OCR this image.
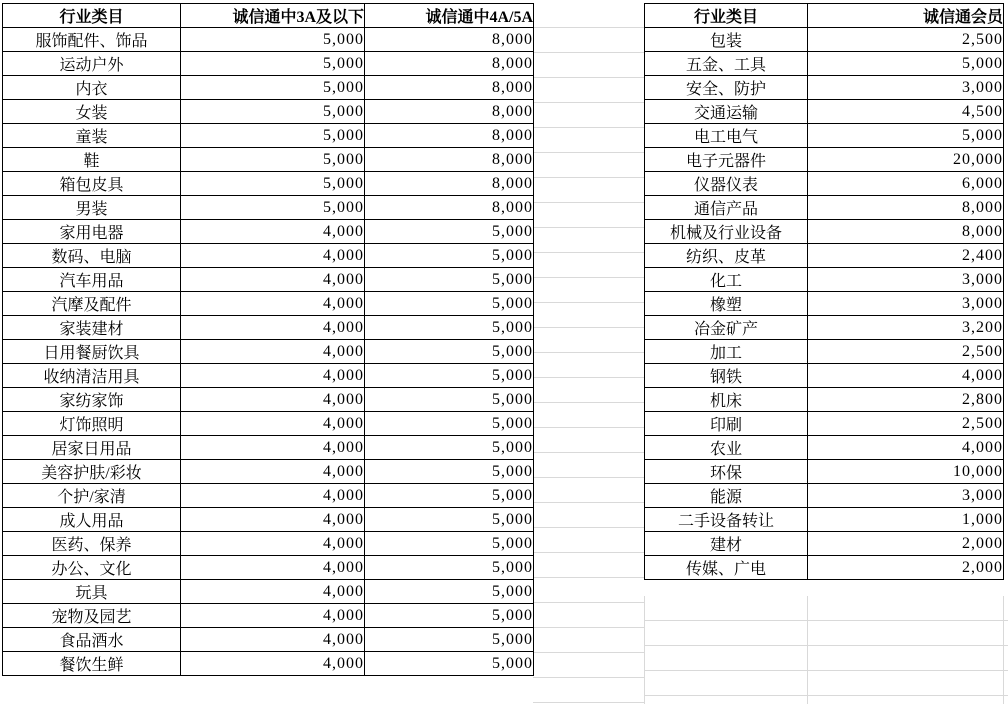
行业类目	诚信通中3A及以下	诚信通中4A/5A
服饰配件、饰品	5,000	8,000
运动户外	5,000	8,000
内衣	5,000	8,000
女装	5,000	8,000
童装	5,000	8,000
鞋	5,000	8,000
箱包皮具	5,000	8,000
男装	5,000	8,000
家用电器	4,000	5,000
数码、电脑	4,000	5,000
汽车用品	4,000	5,000
汽摩及配件	4,000	5,000
家装建材	4,000	5,000
日用餐厨饮具	4,000	5,000
收纳清洁用具	4,000	5,000
家纺家饰	4,000	5,000
灯饰照明	4,000	5,000
居家日用品	4,000	5,000
美容护肤/彩妆	4,000	5,000
个护/家清	4,000	5,000
成人用品	4,000	5,000
医药、保养	4,000	5,000
办公、文化	4,000	5,000
玩具	4,000	5,000
宠物及园艺	4,000	5,000
食品酒水	4,000	5,000
餐饮生鲜	4,000	5,000
行业类目	诚信通会员
包装	2,500
五金、工具	5,000
安全、防护	3,000
交通运输	4,500
电工电气	5,000
电子元器件	20,000
仪器仪表	6,000
通信产品	8,000
机械及行业设备	8,000
纺织、皮革	2,400
化工	3,000
橡塑	3,000
冶金矿产	3,200
加工	2,500
钢铁	4,000
机床	2,800
印刷	2,500
农业	4,000
环保	10,000
能源	3,000
二手设备转让	1,000
建材	2,000
传媒、广电	2,000
